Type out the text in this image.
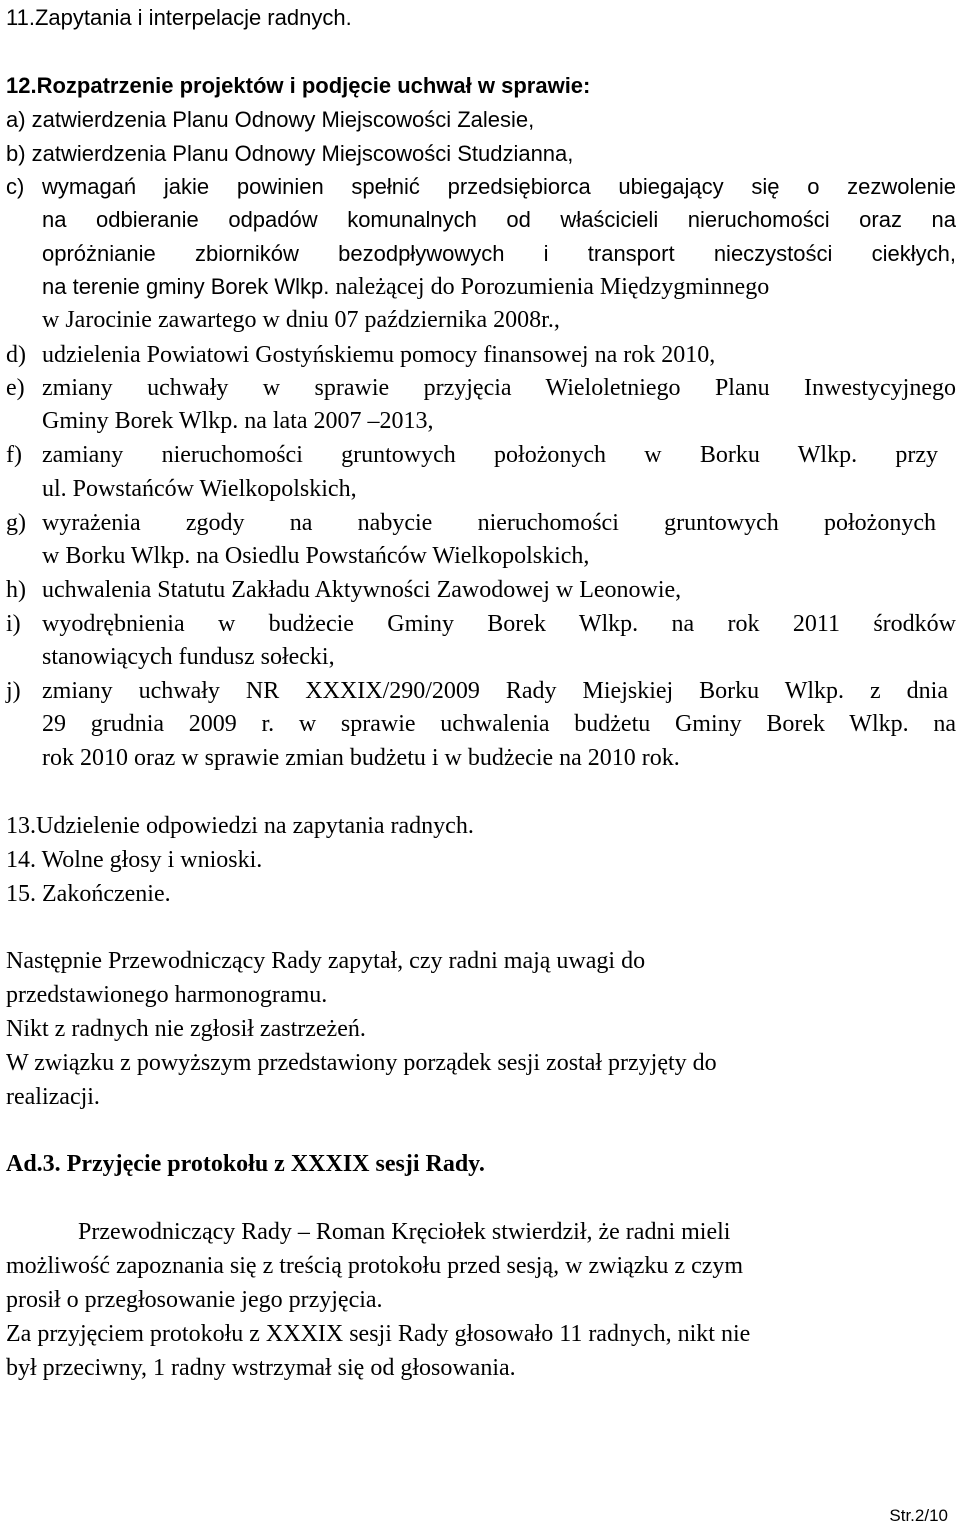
11.Zapytania i interpelacje radnych.
12.Rozpatrzenie projektów i podjęcie uchwał w sprawie:
a) zatwierdzenia Planu Odnowy Miejscowości Zalesie,
b) zatwierdzenia Planu Odnowy Miejscowości Studzianna,
c) wymagań jakie powinien spełnić przedsiębiorca ubiegający się o zezwolenie
na odbieranie odpadów komunalnych od właścicieli nieruchomości oraz na
opróżnianie zbiorników bezodpływowych i transport nieczystości ciekłych,
na terenie gminy Borek Wlkp. należącej do Porozumienia Międzygminnego
w Jarocinie zawartego w dniu 07 października 2008r.,
d) udzielenia Powiatowi Gostyńskiemu pomocy finansowej na rok 2010,
e) zmiany uchwały w sprawie przyjęcia Wieloletniego Planu Inwestycyjnego
Gminy Borek Wlkp. na lata 2007 –2013,
f) zamiany nieruchomości gruntowych położonych w Borku Wlkp. przy
ul. Powstańców Wielkopolskich,
g) wyrażenia zgody na nabycie nieruchomości gruntowych położonych
w Borku Wlkp. na Osiedlu Powstańców Wielkopolskich,
h) uchwalenia Statutu Zakładu Aktywności Zawodowej w Leonowie,
i) wyodrębnienia w budżecie Gminy Borek Wlkp. na rok 2011 środków
stanowiących fundusz sołecki,
j) zmiany uchwały NR XXXIX/290/2009 Rady Miejskiej Borku Wlkp. z dnia
29 grudnia 2009 r. w sprawie uchwalenia budżetu Gminy Borek Wlkp. na
rok 2010 oraz w sprawie zmian budżetu i w budżecie na 2010 rok.
13.Udzielenie odpowiedzi na zapytania radnych.
14. Wolne głosy i wnioski.
15. Zakończenie.
Następnie Przewodniczący Rady zapytał, czy radni mają uwagi do
przedstawionego harmonogramu.
Nikt z radnych nie zgłosił zastrzeżeń.
W związku z powyższym przedstawiony porządek sesji został przyjęty do
realizacji.
Ad.3. Przyjęcie protokołu z XXXIX sesji Rady.
Przewodniczący Rady – Roman Kręciołek stwierdził, że radni mieli
możliwość zapoznania się z treścią protokołu przed sesją, w związku z czym
prosił o przegłosowanie jego przyjęcia.
Za przyjęciem protokołu z XXXIX sesji Rady głosowało 11 radnych, nikt nie
był przeciwny, 1 radny wstrzymał się od głosowania.
Str.2/10
